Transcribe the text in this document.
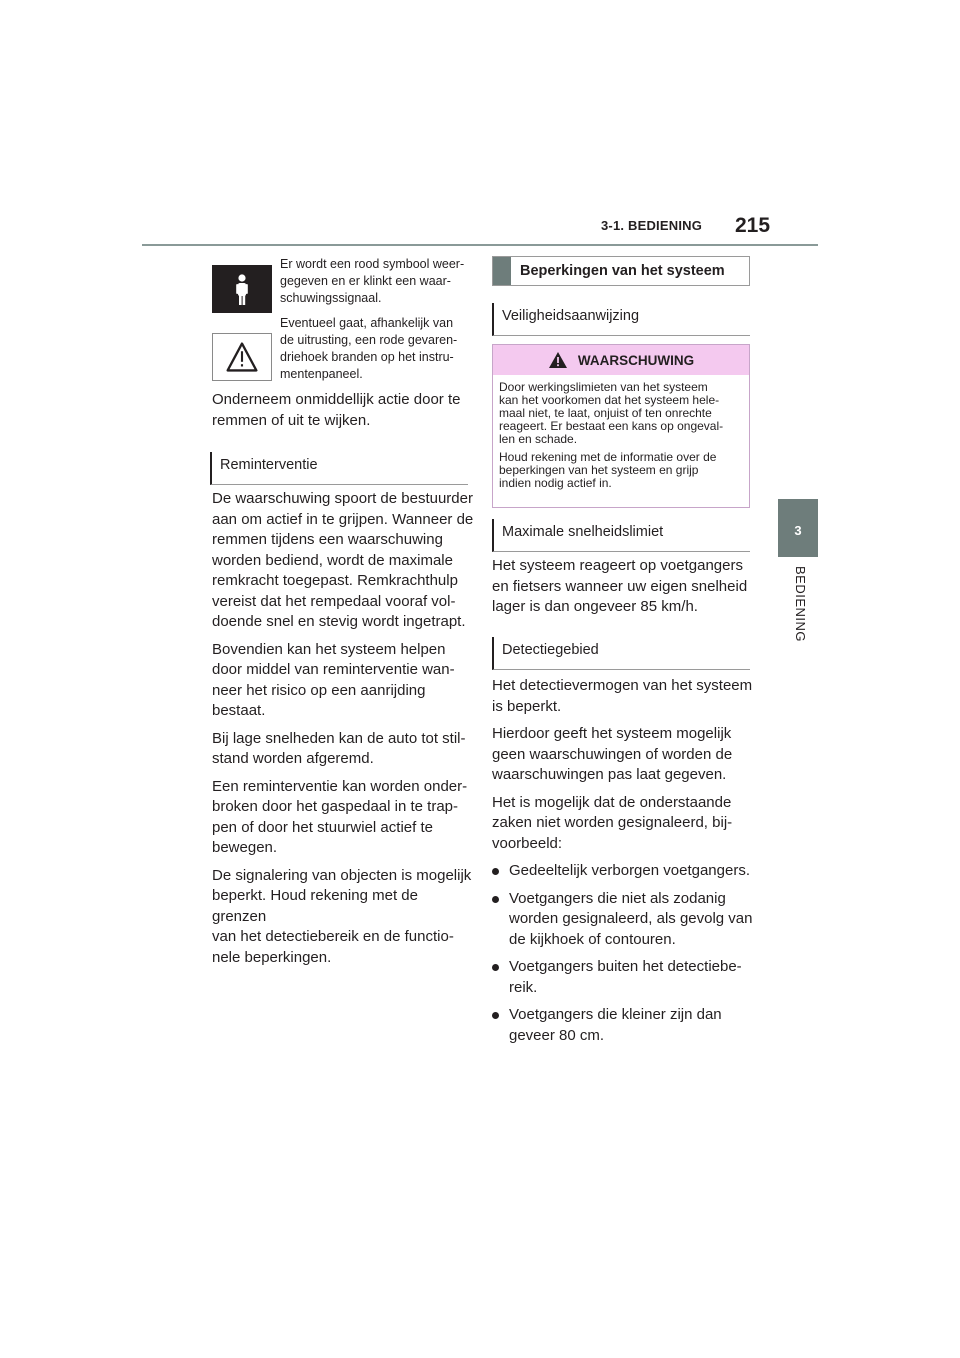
3-1. BEDIENING 215
3
BEDIENING
Er wordt een rood symbool weer-
gegeven en er klinkt een waar-
schuwingssignaal.
Eventueel gaat, afhankelijk van
de uitrusting, een rode gevaren-
driehoek branden op het instru-
mentenpaneel.
Onderneem onmiddellijk actie door te
remmen of uit te wijken.
Reminterventie

De waarschuwing spoort de bestuurder
aan om actief in te grijpen. Wanneer de
remmen tijdens een waarschuwing
worden bediend, wordt de maximale
remkracht toegepast. Remkrachthulp
vereist dat het rempedaal vooraf vol-
doende snel en stevig wordt ingetrapt.

Bovendien kan het systeem helpen
door middel van reminterventie wan-
neer het risico op een aanrijding
bestaat.

Bij lage snelheden kan de auto tot stil-
stand worden afgeremd.

Een reminterventie kan worden onder-
broken door het gaspedaal in te trap-
pen of door het stuurwiel actief te
bewegen.

De signalering van objecten is mogelijk
beperkt. Houd rekening met de grenzen
van het detectiebereik en de functio-
nele beperkingen.

Beperkingen van het systeem
Veiligheidsaanwijzing
WAARSCHUWING

Door werkingslimieten van het systeem
kan het voorkomen dat het systeem hele-
maal niet, te laat, onjuist of ten onrechte
reageert. Er bestaat een kans op ongeval-
len en schade.

Houd rekening met de informatie over de
beperkingen van het systeem en grijp
indien nodig actief in.

Maximale snelheidslimiet
Het systeem reageert op voetgangers
en fietsers wanneer uw eigen snelheid
lager is dan ongeveer 85 km/h.
Detectiegebied

Het detectievermogen van het systeem
is beperkt.

Hierdoor geeft het systeem mogelijk
geen waarschuwingen of worden de
waarschuwingen pas laat gegeven.

Het is mogelijk dat de onderstaande
zaken niet worden gesignaleerd, bij-
voorbeeld:

Gedeeltelijk verborgen voetgangers.
Voetgangers die niet als zodanig
worden gesignaleerd, als gevolg van
de kijkhoek of contouren.
Voetgangers buiten het detectiebe-
reik.
Voetgangers die kleiner zijn dan
geveer 80 cm.
